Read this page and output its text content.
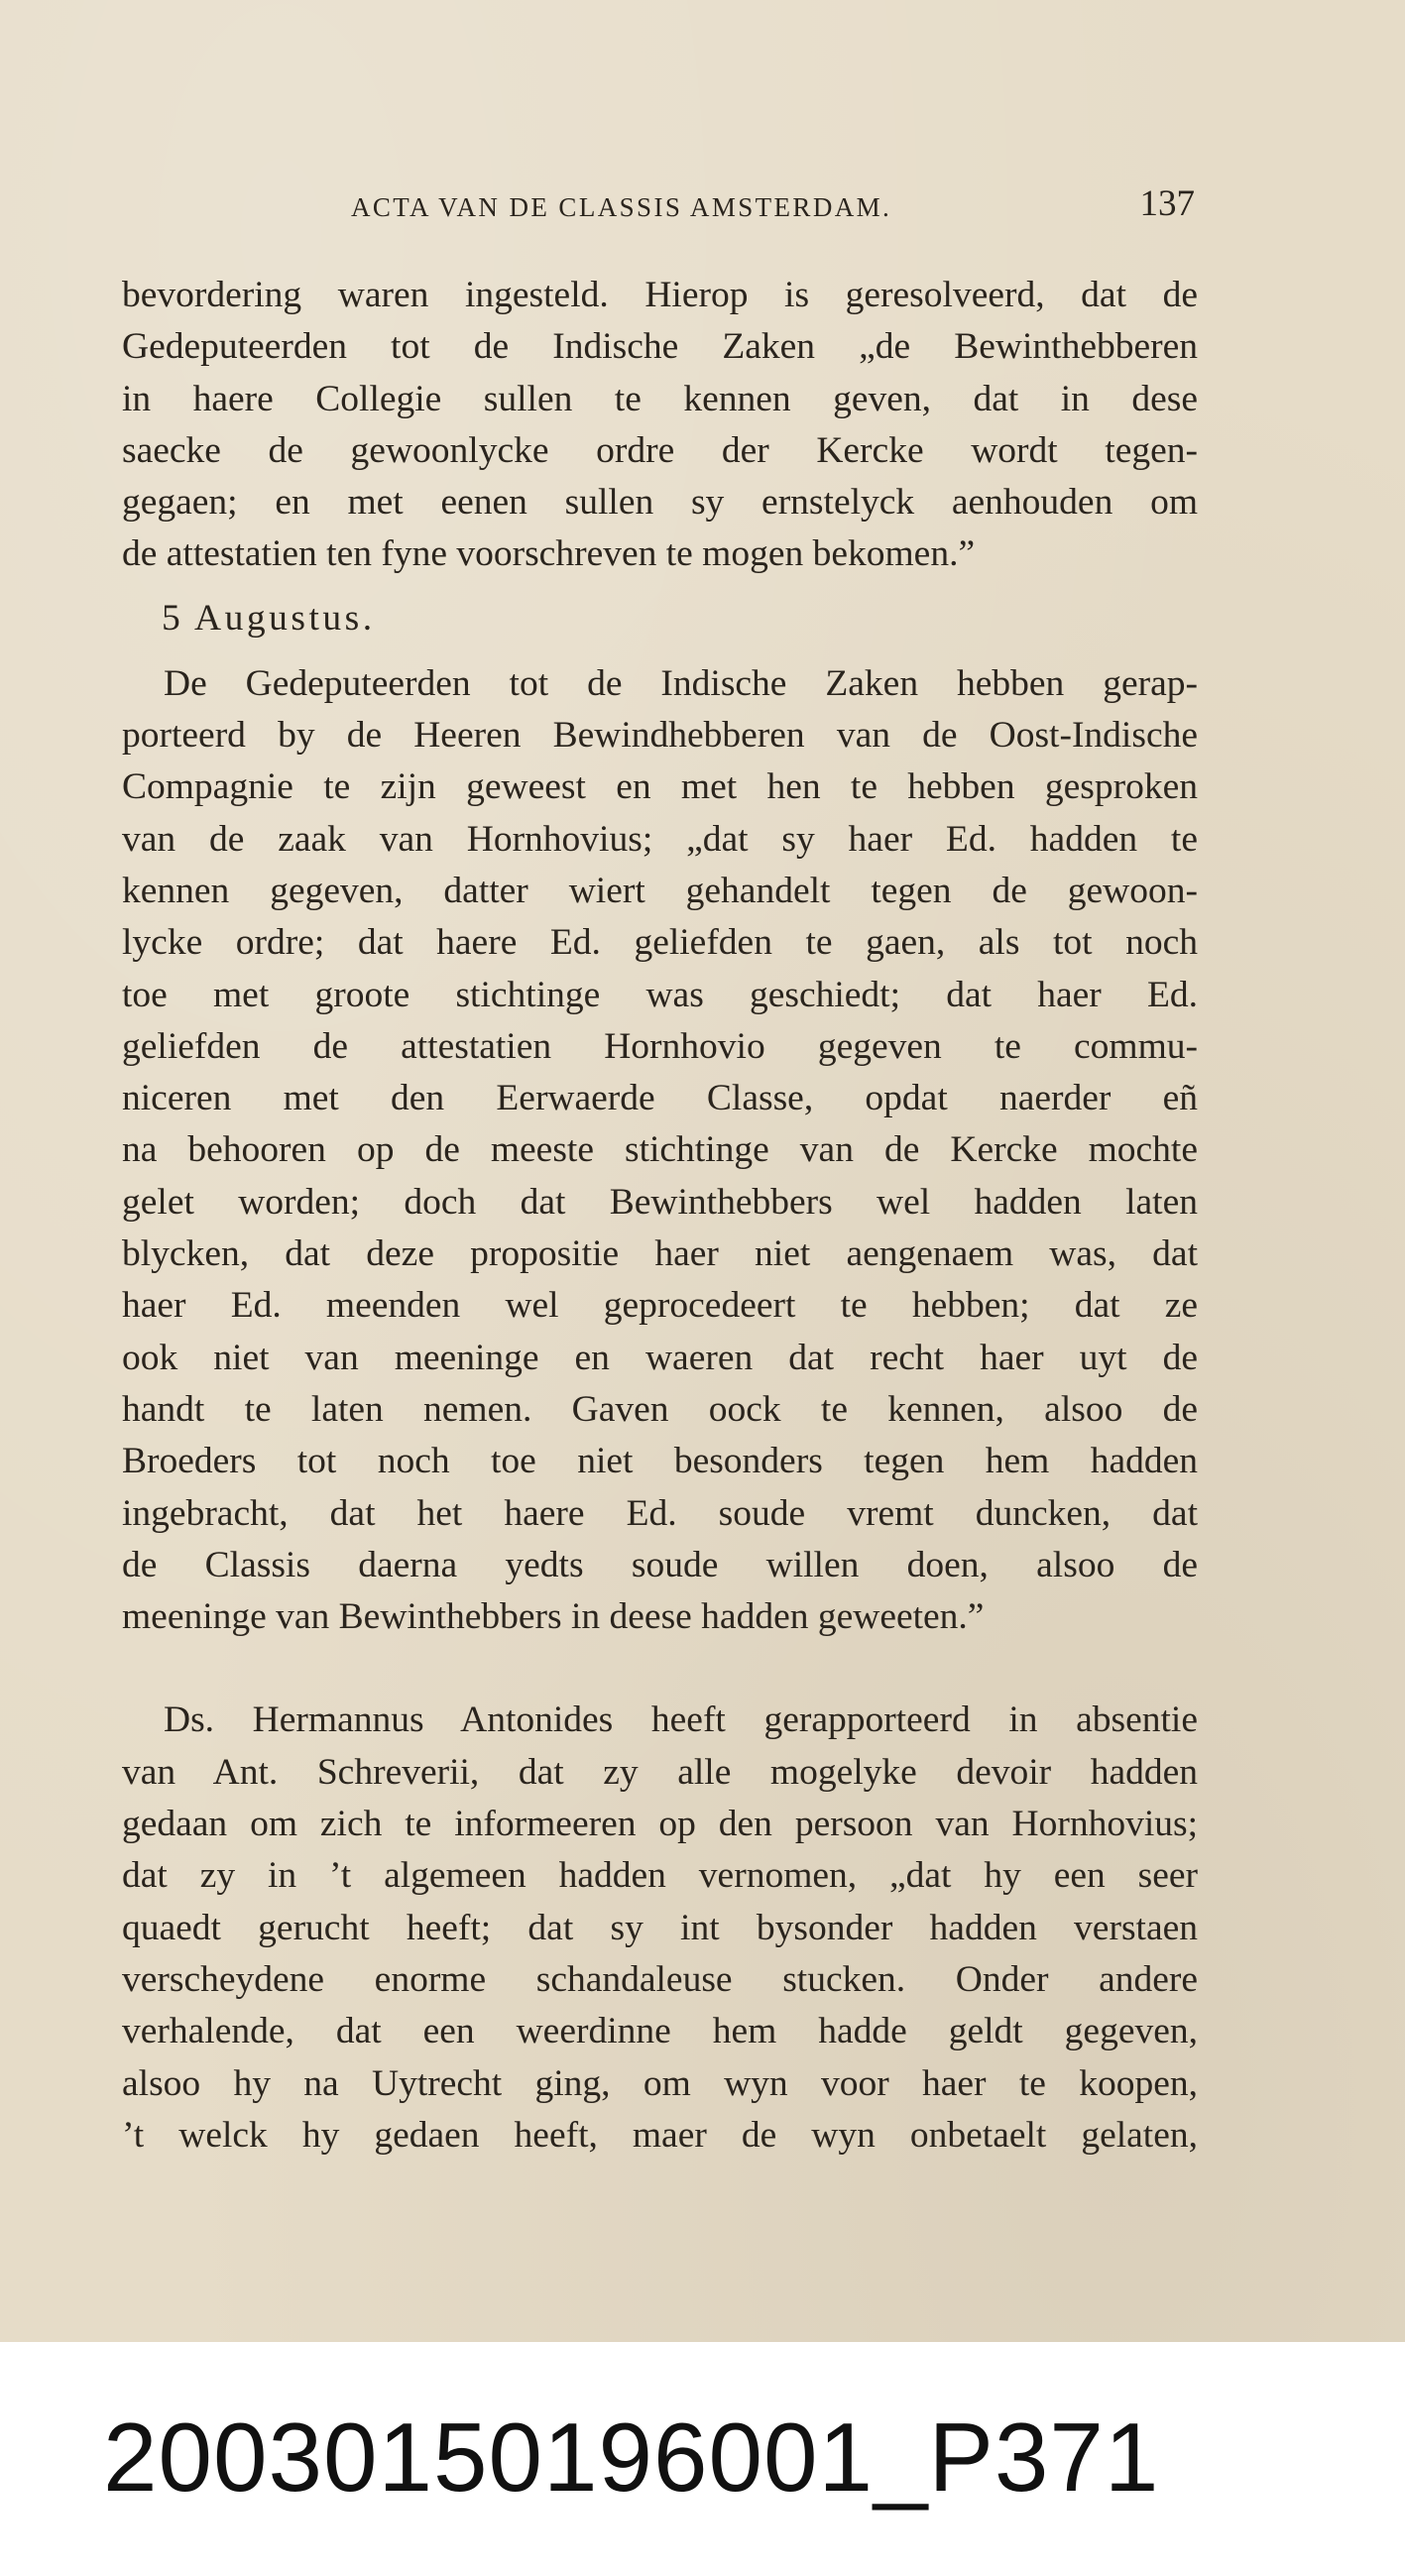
ACTA VAN DE CLASSIS AMSTERDAM.	137

bevordering waren ingesteld. Hierop is geresolveerd, dat de
Gedeputeerden tot de Indische Zaken „de Bewinthebberen
in haere Collegie sullen te kennen geven, dat in dese
saecke de gewoonlycke ordre der Kercke wordt tegen-
gegaen; en met eenen sullen sy ernstelyck aenhouden om
de attestatien ten fyne voorschreven te mogen bekomen.”

5 Augustus.

De Gedeputeerden tot de Indische Zaken hebben gerap-
porteerd by de Heeren Bewindhebberen van de Oost-Indische
Compagnie te zijn geweest en met hen te hebben gesproken
van de zaak van Hornhovius; „dat sy haer Ed. hadden te
kennen gegeven, datter wiert gehandelt tegen de gewoon-
lycke ordre; dat haere Ed. geliefden te gaen, als tot noch
toe met groote stichtinge was geschiedt; dat haer Ed.
geliefden de attestatien Hornhovio gegeven te commu-
niceren met den Eerwaerde Classe, opdat naerder eñ
na behooren op de meeste stichtinge van de Kercke mochte
gelet worden; doch dat Bewinthebbers wel hadden laten
blycken, dat deze propositie haer niet aengenaem was, dat
haer Ed. meenden wel geprocedeert te hebben; dat ze
ook niet van meeninge en waeren dat recht haer uyt de
handt te laten nemen. Gaven oock te kennen, alsoo de
Broeders tot noch toe niet besonders tegen hem hadden
ingebracht, dat het haere Ed. soude vremt duncken, dat
de Classis daerna yedts soude willen doen, alsoo de
meeninge van Bewinthebbers in deese hadden geweeten.”

Ds. Hermannus Antonides heeft gerapporteerd in absentie
van Ant. Schreverii, dat zy alle mogelyke devoir hadden
gedaan om zich te informeeren op den persoon van Hornhovius;
dat zy in ’t algemeen hadden vernomen, „dat hy een seer
quaedt gerucht heeft; dat sy int bysonder hadden verstaen
verscheydene enorme schandaleuse stucken. Onder andere
verhalende, dat een weerdinne hem hadde geldt gegeven,
alsoo hy na Uytrecht ging, om wyn voor haer te koopen,
’t welck hy gedaen heeft, maer de wyn onbetaelt gelaten,

20030150196001_P371
